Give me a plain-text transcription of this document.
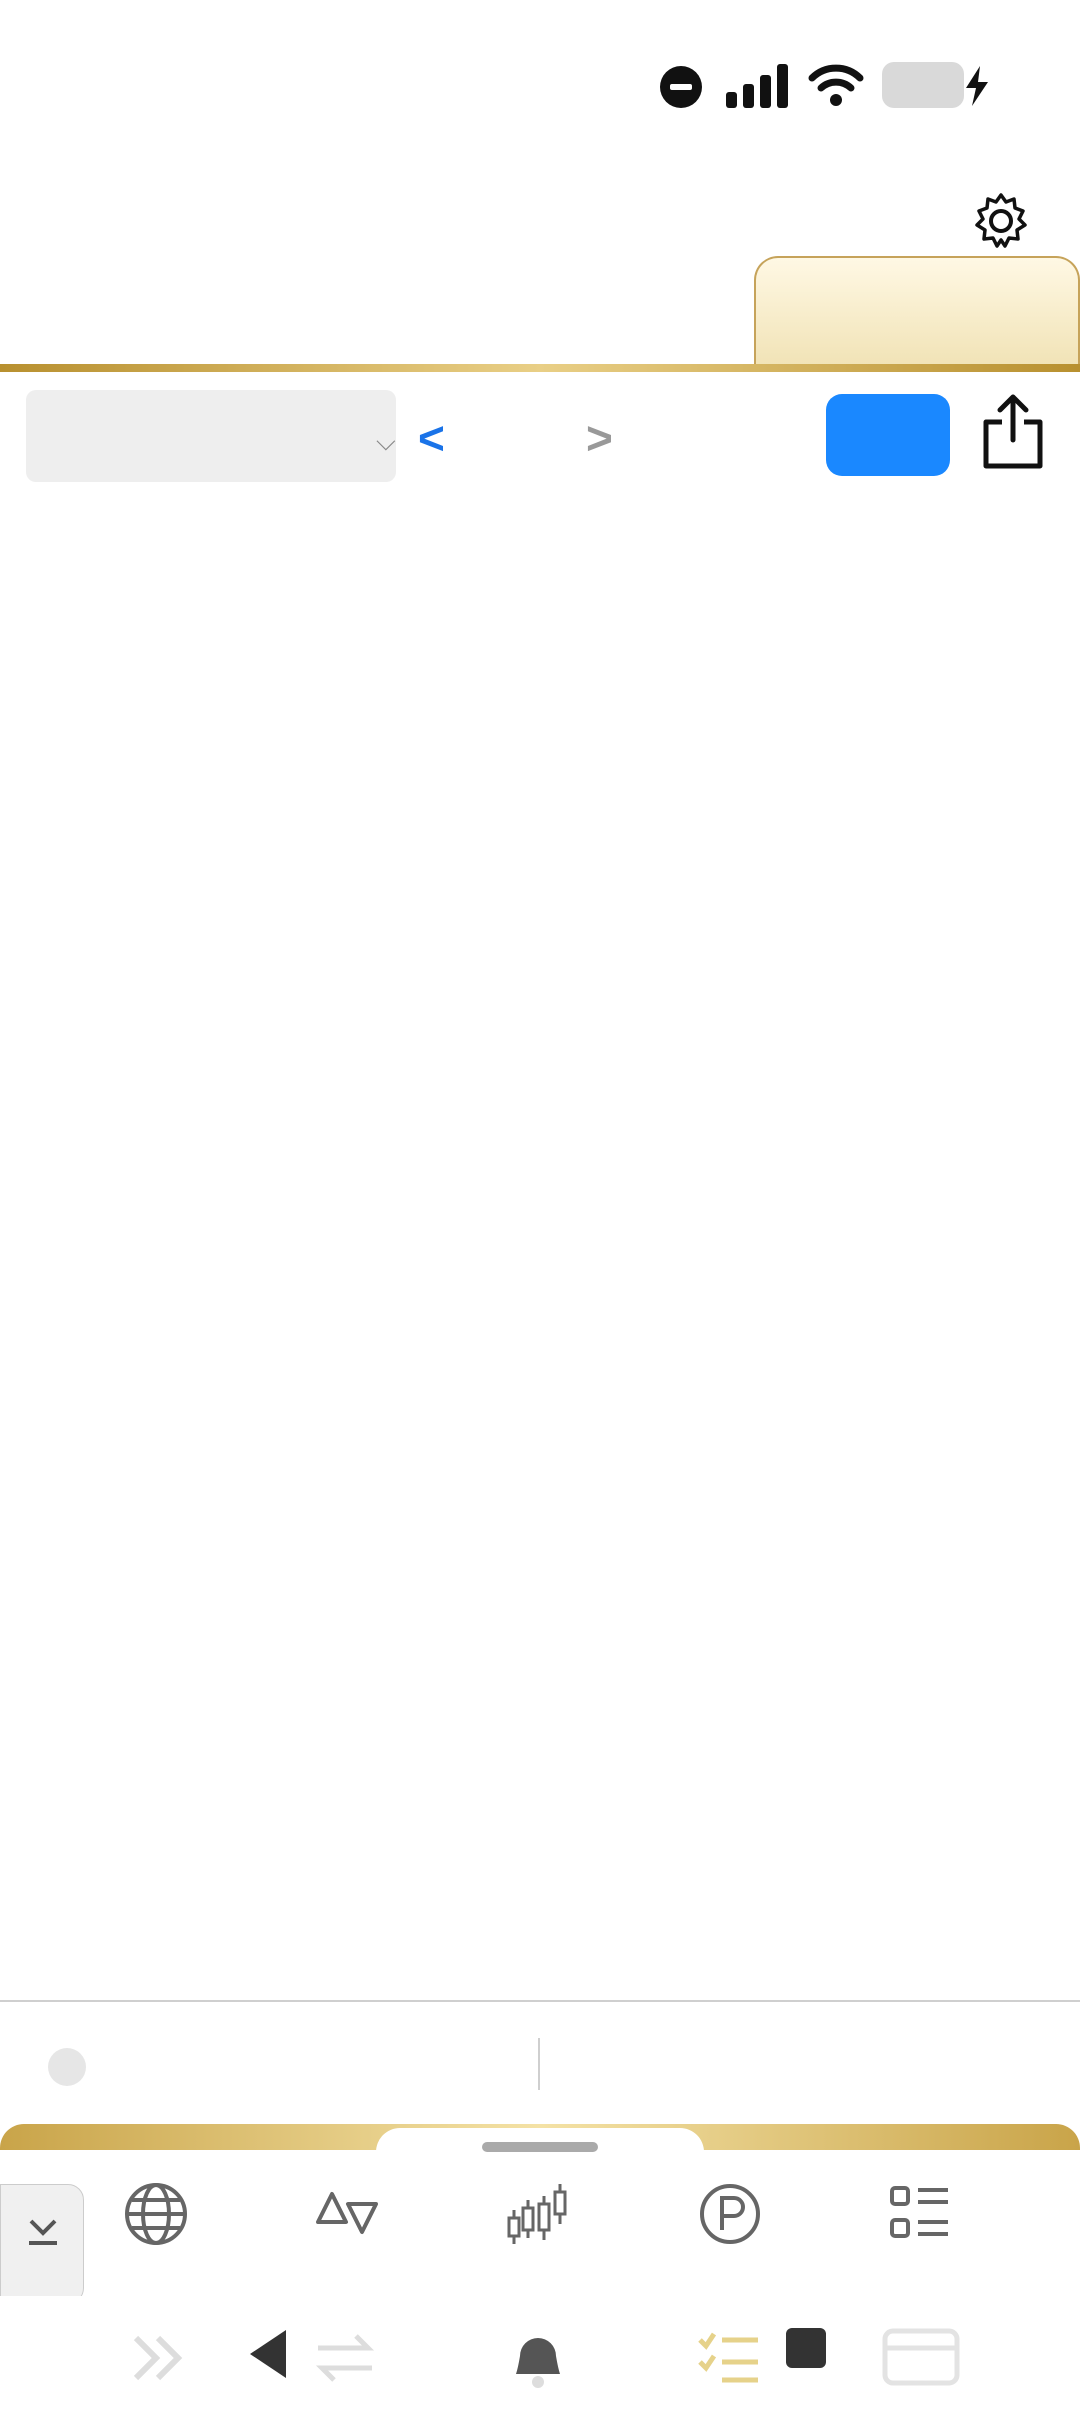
⌵ <	>
